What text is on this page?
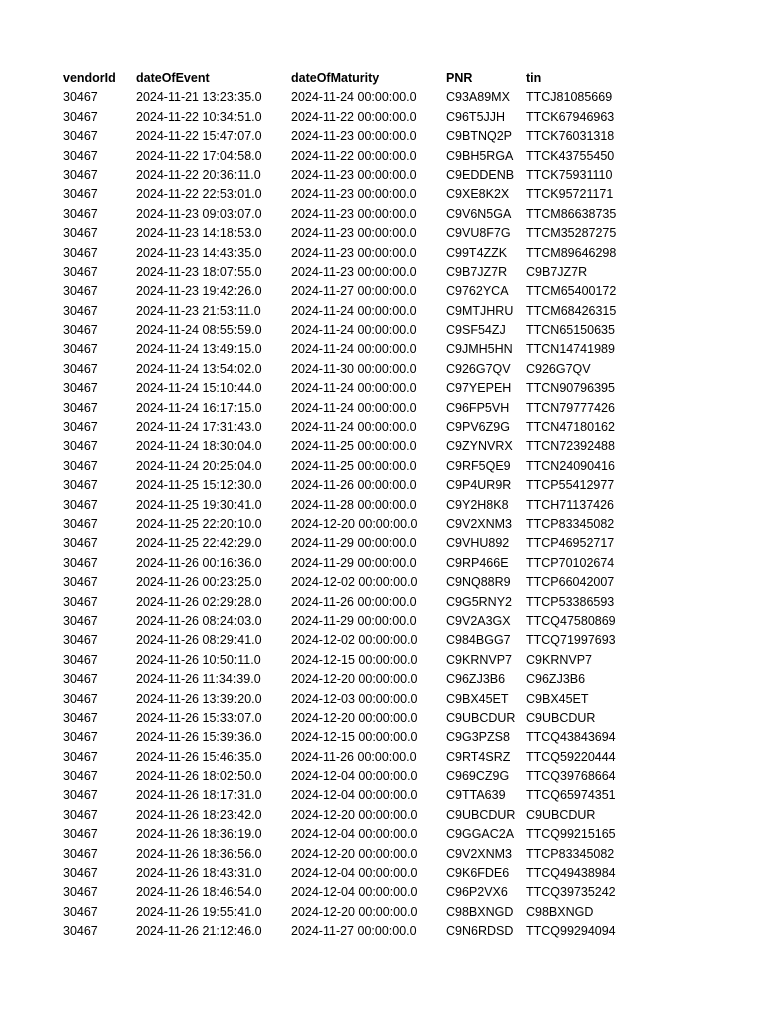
vendorId	dateOfEvent	dateOfMaturity	PNR	tin
30467	2024-11-21 13:23:35.0	2024-11-24 00:00:00.0	C93A89MX	TTCJ81085669
30467	2024-11-22 10:34:51.0	2024-11-22 00:00:00.0	C96T5JJH	TTCK67946963
30467	2024-11-22 15:47:07.0	2024-11-23 00:00:00.0	C9BTNQ2P	TTCK76031318
30467	2024-11-22 17:04:58.0	2024-11-22 00:00:00.0	C9BH5RGA	TTCK43755450
30467	2024-11-22 20:36:11.0	2024-11-23 00:00:00.0	C9EDDENB TTCK75931110
30467	2024-11-22 22:53:01.0	2024-11-23 00:00:00.0	C9XE8K2X	TTCK95721171
30467	2024-11-23 09:03:07.0	2024-11-23 00:00:00.0	C9V6N5GA	TTCM86638735
30467	2024-11-23 14:18:53.0	2024-11-23 00:00:00.0	C9VU8F7G	TTCM35287275
30467	2024-11-23 14:43:35.0	2024-11-23 00:00:00.0	C99T4ZZK	TTCM89646298
30467	2024-11-23 18:07:55.0	2024-11-23 00:00:00.0	C9B7JZ7R	C9B7JZ7R
30467	2024-11-23 19:42:26.0	2024-11-27 00:00:00.0	C9762YCA	TTCM65400172
30467	2024-11-23 21:53:11.0	2024-11-24 00:00:00.0	C9MTJHRU	TTCM68426315
30467	2024-11-24 08:55:59.0	2024-11-24 00:00:00.0	C9SF54ZJ	TTCN65150635
30467	2024-11-24 13:49:15.0	2024-11-24 00:00:00.0	C9JMH5HN	TTCN14741989
30467	2024-11-24 13:54:02.0	2024-11-30 00:00:00.0	C926G7QV	C926G7QV
30467	2024-11-24 15:10:44.0	2024-11-24 00:00:00.0	C97YEPEH	TTCN90796395
30467	2024-11-24 16:17:15.0	2024-11-24 00:00:00.0	C96FP5VH	TTCN79777426
30467	2024-11-24 17:31:43.0	2024-11-24 00:00:00.0	C9PV6Z9G	TTCN47180162
30467	2024-11-24 18:30:04.0	2024-11-25 00:00:00.0	C9ZYNVRX	TTCN72392488
30467	2024-11-24 20:25:04.0	2024-11-25 00:00:00.0	C9RF5QE9	TTCN24090416
30467	2024-11-25 15:12:30.0	2024-11-26 00:00:00.0	C9P4UR9R	TTCP55412977
30467	2024-11-25 19:30:41.0	2024-11-28 00:00:00.0	C9Y2H8K8	TTCH71137426
30467	2024-11-25 22:20:10.0	2024-12-20 00:00:00.0	C9V2XNM3	TTCP83345082
30467	2024-11-25 22:42:29.0	2024-11-29 00:00:00.0	C9VHU892	TTCP46952717
30467	2024-11-26 00:16:36.0	2024-11-29 00:00:00.0	C9RP466E	TTCP70102674
30467	2024-11-26 00:23:25.0	2024-12-02 00:00:00.0	C9NQ88R9	TTCP66042007
30467	2024-11-26 02:29:28.0	2024-11-26 00:00:00.0	C9G5RNY2	TTCP53386593
30467	2024-11-26 08:24:03.0	2024-11-29 00:00:00.0	C9V2A3GX	TTCQ47580869
30467	2024-11-26 08:29:41.0	2024-12-02 00:00:00.0	C984BGG7	TTCQ71997693
30467	2024-11-26 10:50:11.0	2024-12-15 00:00:00.0	C9KRNVP7	C9KRNVP7
30467	2024-11-26 11:34:39.0	2024-12-20 00:00:00.0	C96ZJ3B6	C96ZJ3B6
30467	2024-11-26 13:39:20.0	2024-12-03 00:00:00.0	C9BX45ET	C9BX45ET
30467	2024-11-26 15:33:07.0	2024-12-20 00:00:00.0	C9UBCDUR C9UBCDUR
30467	2024-11-26 15:39:36.0	2024-12-15 00:00:00.0	C9G3PZS8	TTCQ43843694
30467	2024-11-26 15:46:35.0	2024-11-26 00:00:00.0	C9RT4SRZ	TTCQ59220444
30467	2024-11-26 18:02:50.0	2024-12-04 00:00:00.0	C969CZ9G	TTCQ39768664
30467	2024-11-26 18:17:31.0	2024-12-04 00:00:00.0	C9TTA639	TTCQ65974351
30467	2024-11-26 18:23:42.0	2024-12-20 00:00:00.0	C9UBCDUR C9UBCDUR
30467	2024-11-26 18:36:19.0	2024-12-04 00:00:00.0	C9GGAC2A TTCQ99215165
30467	2024-11-26 18:36:56.0	2024-12-20 00:00:00.0	C9V2XNM3	TTCP83345082
30467	2024-11-26 18:43:31.0	2024-12-04 00:00:00.0	C9K6FDE6	TTCQ49438984
30467	2024-11-26 18:46:54.0	2024-12-04 00:00:00.0	C96P2VX6	TTCQ39735242
30467	2024-11-26 19:55:41.0	2024-12-20 00:00:00.0	C98BXNGD	C98BXNGD
30467	2024-11-26 21:12:46.0	2024-11-27 00:00:00.0	C9N6RDSD	TTCQ99294094
